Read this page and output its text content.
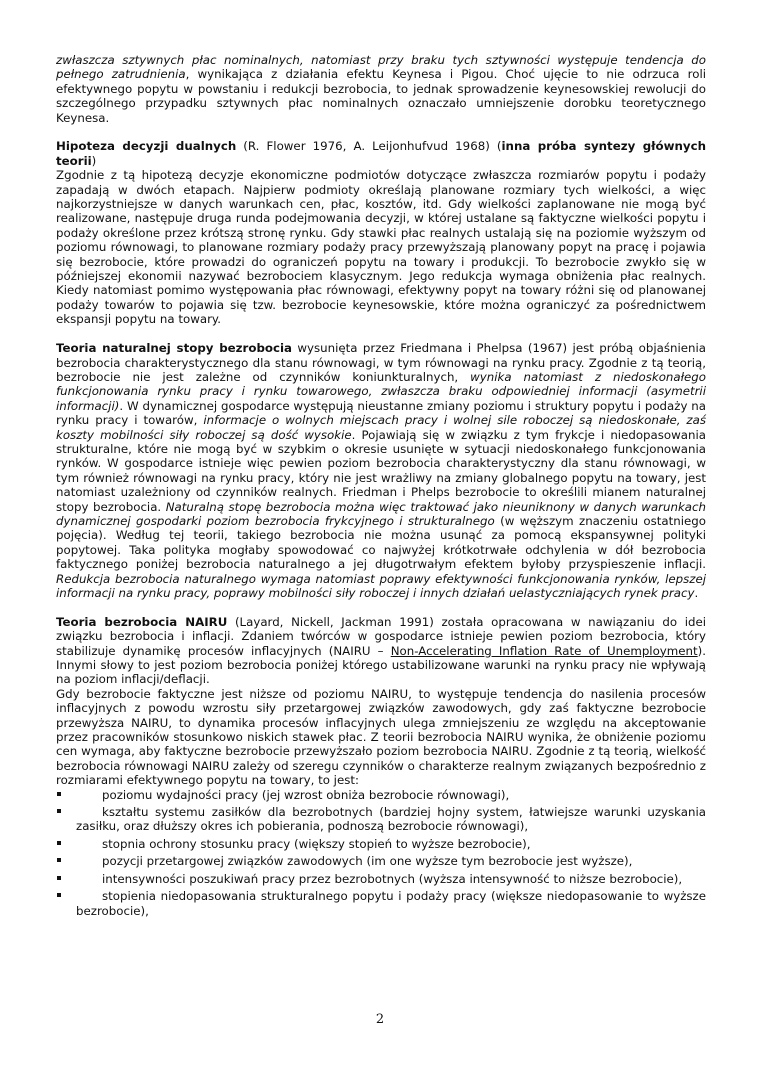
zwłaszcza sztywnych płac nominalnych, natomiast przy braku tych sztywności występuje tendencja do pełnego zatrudnienia, wynikająca z działania efektu Keynesa i Pigou. Choć ujęcie to nie odrzuca roli efektywnego popytu w powstaniu i redukcji bezrobocia, to jednak sprowadzenie keynesowskiej rewolucji do szczególnego przypadku sztywnych płac nominalnych oznaczało umniejszenie dorobku teoretycznego Keynesa.

Hipoteza decyzji dualnych (R. Flower 1976, A. Leijonhufvud 1968) (inna próba syntezy głównych teorii)

Zgodnie z tą hipotezą decyzje ekonomiczne podmiotów dotyczące zwłaszcza rozmiarów popytu i podaży zapadają w dwóch etapach. Najpierw podmioty określają planowane rozmiary tych wielkości, a więc najkorzystniejsze w danych warunkach cen, płac, kosztów, itd. Gdy wielkości zaplanowane nie mogą być realizowane, następuje druga runda podejmowania decyzji, w której ustalane są faktyczne wielkości popytu i podaży określone przez krótszą stronę rynku. Gdy stawki płac realnych ustalają się na poziomie wyższym od poziomu równowagi, to planowane rozmiary podaży pracy przewyższają planowany popyt na pracę i pojawia się bezrobocie, które prowadzi do ograniczeń popytu na towary i produkcji. To bezrobocie zwykło się w późniejszej ekonomii nazywać bezrobociem klasycznym. Jego redukcja wymaga obniżenia płac realnych. Kiedy natomiast pomimo występowania płac równowagi, efektywny popyt na towary różni się od planowanej podaży towarów to pojawia się tzw. bezrobocie keynesowskie, które można ograniczyć za pośrednictwem ekspansji popytu na towary.

Teoria naturalnej stopy bezrobocia wysunięta przez Friedmana i Phelpsa (1967) jest próbą objaśnienia bezrobocia charakterystycznego dla stanu równowagi, w tym równowagi na rynku pracy. Zgodnie z tą teorią, bezrobocie nie jest zależne od czynników koniunkturalnych, wynika natomiast z niedoskonałego funkcjonowania rynku pracy i rynku towarowego, zwłaszcza braku odpowiedniej informacji (asymetrii informacji). W dynamicznej gospodarce występują nieustanne zmiany poziomu i struktury popytu i podaży na rynku pracy i towarów, informacje o wolnych miejscach pracy i wolnej sile roboczej są niedoskonałe, zaś koszty mobilności siły roboczej są dość wysokie. Pojawiają się w związku z tym frykcje i niedopasowania strukturalne, które nie mogą być w szybkim o okresie usunięte w sytuacji niedoskonałego funkcjonowania rynków. W gospodarce istnieje więc pewien poziom bezrobocia charakterystyczny dla stanu równowagi, w tym również równowagi na rynku pracy, który nie jest wrażliwy na zmiany globalnego popytu na towary, jest natomiast uzależniony od czynników realnych. Friedman i Phelps bezrobocie to określili mianem naturalnej stopy bezrobocia. Naturalną stopę bezrobocia można więc traktować jako nieuniknony w danych warunkach dynamicznej gospodarki poziom bezrobocia frykcyjnego i strukturalnego (w węższym znaczeniu ostatniego pojęcia). Według tej teorii, takiego bezrobocia nie można usunąć za pomocą ekspansywnej polityki popytowej. Taka polityka mogłaby spowodować co najwyżej krótkotrwałe odchylenia w dół bezrobocia faktycznego poniżej bezrobocia naturalnego a jej długotrwałym efektem byłoby przyspieszenie inflacji. Redukcja bezrobocia naturalnego wymaga natomiast poprawy efektywności funkcjonowania rynków, lepszej informacji na rynku pracy, poprawy mobilności siły roboczej i innych działań uelastyczniających rynek pracy.

Teoria bezrobocia NAIRU (Layard, Nickell, Jackman 1991) została opracowana w nawiązaniu do idei związku bezrobocia i inflacji. Zdaniem twórców w gospodarce istnieje pewien poziom bezrobocia, który stabilizuje dynamikę procesów inflacyjnych (NAIRU – Non-Accelerating Inflation Rate of Unemployment). Innymi słowy to jest poziom bezrobocia poniżej którego ustabilizowane warunki na rynku pracy nie wpływają na poziom inflacji/deflacji.

Gdy bezrobocie faktyczne jest niższe od poziomu NAIRU, to występuje tendencja do nasilenia procesów inflacyjnych z powodu wzrostu siły przetargowej związków zawodowych, gdy zaś faktyczne bezrobocie przewyższa NAIRU, to dynamika procesów inflacyjnych ulega zmniejszeniu ze względu na akceptowanie przez pracowników stosunkowo niskich stawek płac. Z teorii bezrobocia NAIRU wynika, że obniżenie poziomu cen wymaga, aby faktyczne bezrobocie przewyższało poziom bezrobocia NAIRU. Zgodnie z tą teorią, wielkość bezrobocia równowagi NAIRU zależy od szeregu czynników o charakterze realnym związanych bezpośrednio z rozmiarami efektywnego popytu na towary, to jest:

poziomu wydajności pracy (jej wzrost obniża bezrobocie równowagi),
kształtu systemu zasiłków dla bezrobotnych (bardziej hojny system, łatwiejsze warunki uzyskania zasiłku, oraz dłuższy okres ich pobierania, podnoszą bezrobocie równowagi),
stopnia ochrony stosunku pracy (większy stopień to wyższe bezrobocie),
pozycji przetargowej związków zawodowych (im one wyższe tym bezrobocie jest wyższe),
intensywności poszukiwań pracy przez bezrobotnych (wyższa intensywność to niższe bezrobocie),
stopienia niedopasowania strukturalnego popytu i podaży pracy (większe niedopasowanie to wyższe bezrobocie),
2
